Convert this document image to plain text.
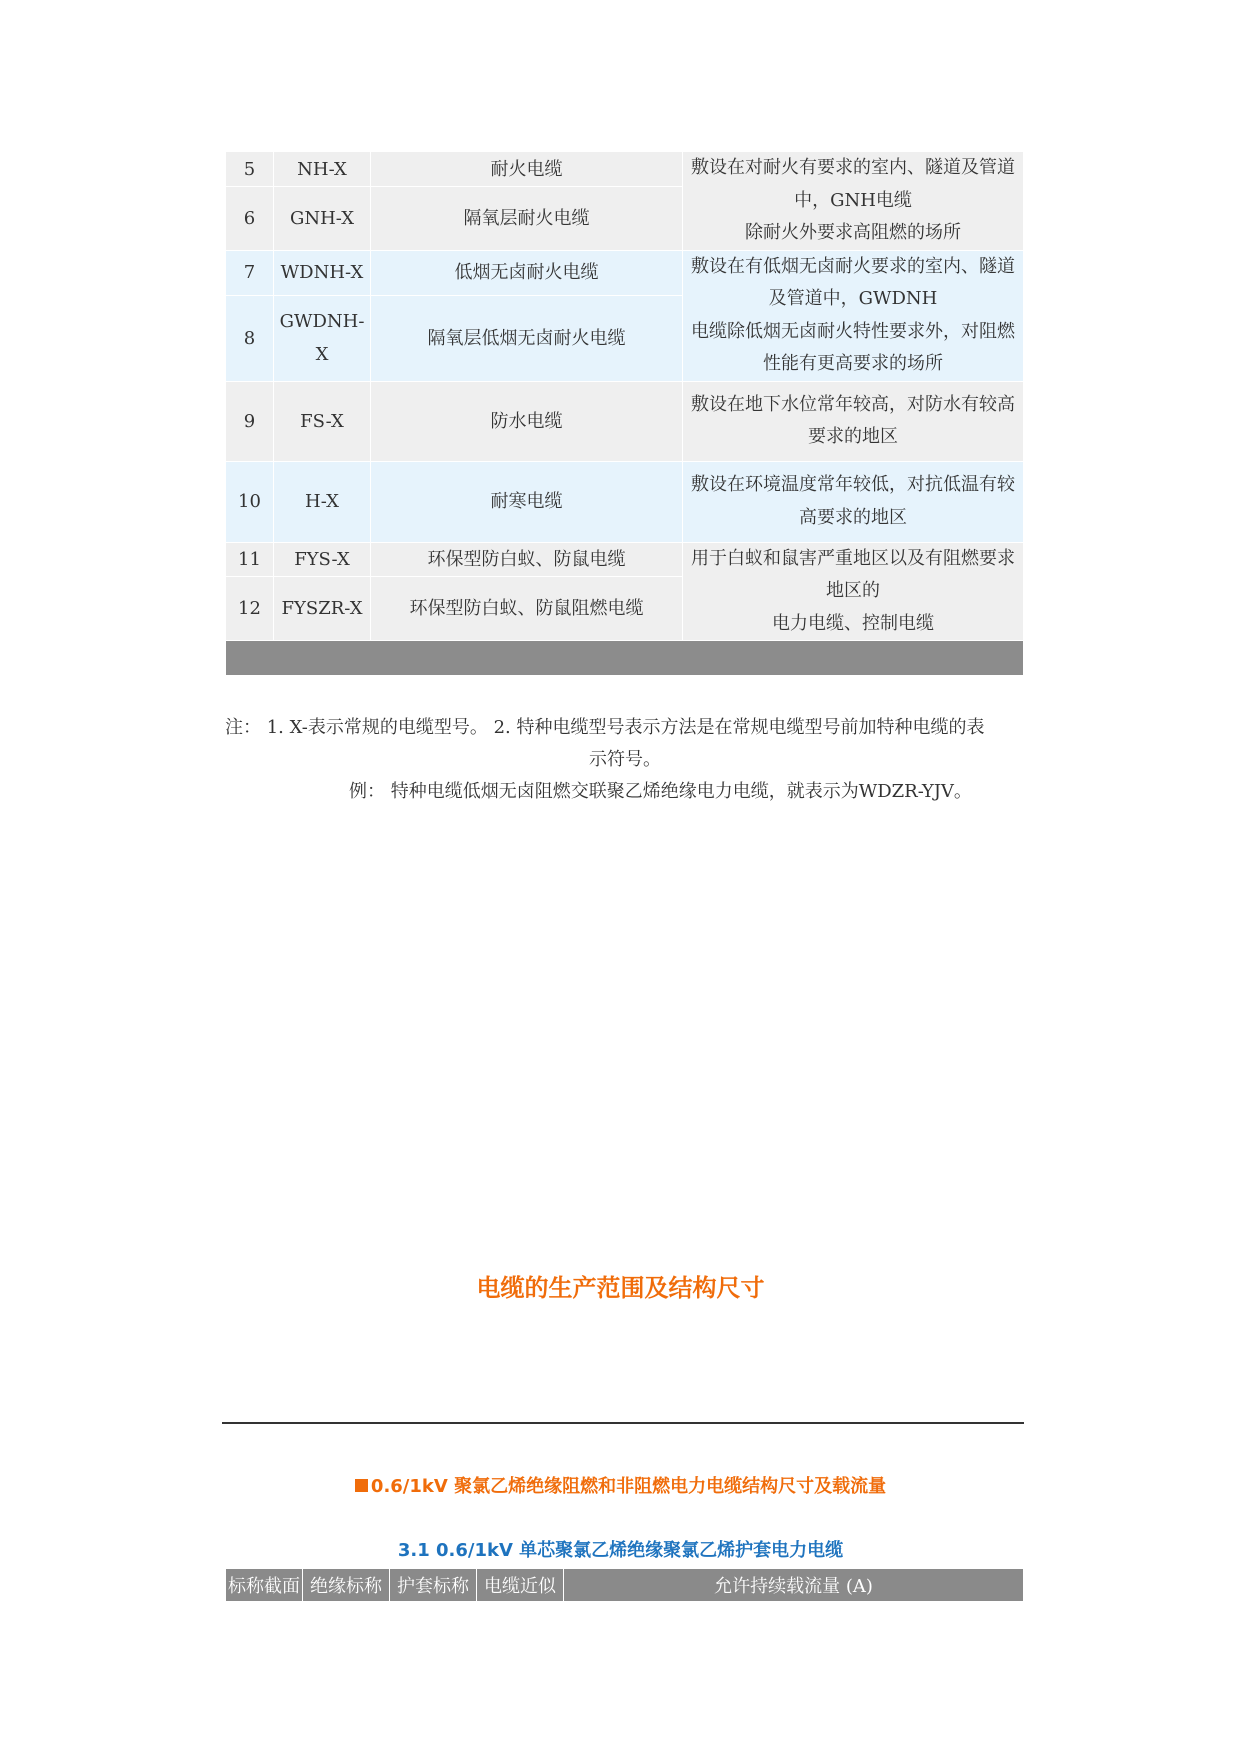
5	NH-X	耐火电缆	敷设在对耐火有要求的室内、隧道及管道
中，GNH电缆
除耐火外要求高阻燃的场所

6	GNH-X	隔氧层耐火电缆	
7	WDNH-X	低烟无卤耐火电缆	敷设在有低烟无卤耐火要求的室内、隧道
及管道中，GWDNH
电缆除低烟无卤耐火特性要求外，对阻燃
性能有更高要求的场所

8	GWDNH-X	隔氧层低烟无卤耐火电缆	
9	FS-X	防水电缆	敷设在地下水位常年较高，对防水有较高
要求的地区

10	H-X	耐寒电缆	敷设在环境温度常年较低，对抗低温有较
高要求的地区

11	FYS-X	环保型防白蚁、防鼠电缆	用于白蚁和鼠害严重地区以及有阻燃要求
地区的
电力电缆、控制电缆

12	FYSZR-X	环保型防白蚁、防鼠阻燃电缆	

注： 1. X-表示常规的电缆型号。 2. 特种电缆型号表示方法是在常规电缆型号前加特种电缆的表
示符号。
例： 特种电缆低烟无卤阻燃交联聚乙烯绝缘电力电缆，就表示为WDZR-YJV。
电缆的生产范围及结构尺寸
0.6/1kV 聚氯乙烯绝缘阻燃和非阻燃电力电缆结构尺寸及载流量
3.1 0.6/1kV 单芯聚氯乙烯绝缘聚氯乙烯护套电力电缆
标称截面	绝缘标称	护套标称	电缆近似	允许持续载流量 (A)
